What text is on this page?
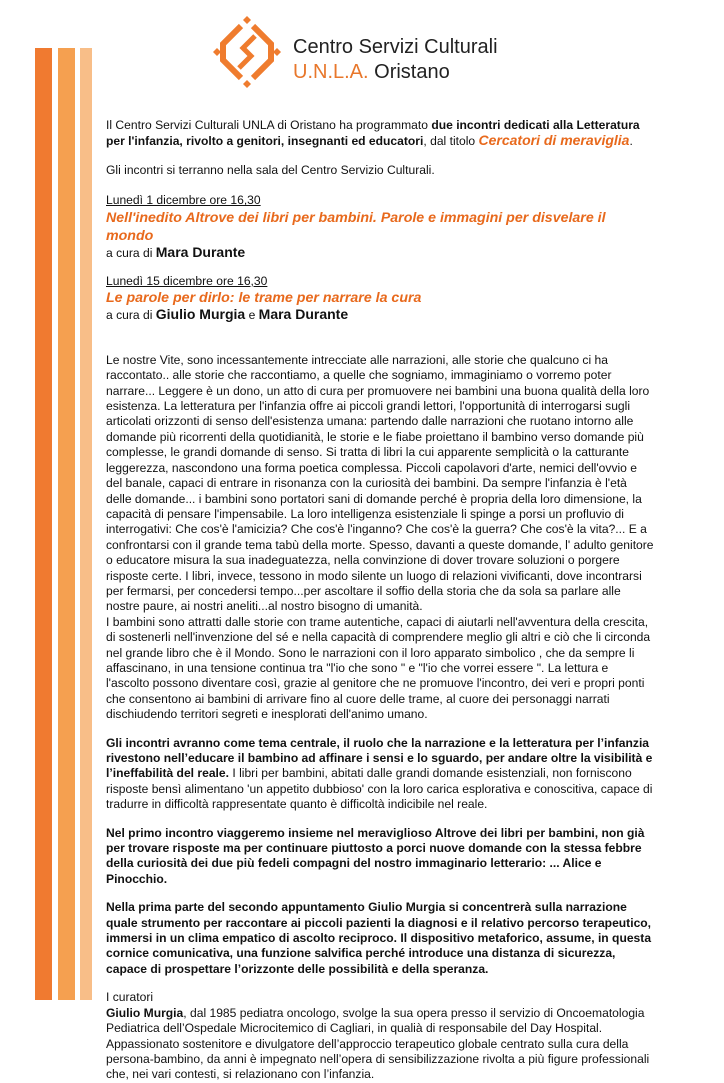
Centro Servizi Culturali
U.N.L.A. Oristano

Il Centro Servizi Culturali UNLA di Oristano ha programmato due incontri dedicati alla Letteratura per l'infanzia, rivolto a genitori, insegnanti ed educatori, dal titolo Cercatori di meraviglia.

Gli incontri si terranno nella sala del Centro Servizio Culturali.

Lunedì 1 dicembre ore 16,30

Nell'inedito Altrove dei libri per bambini. Parole e immagini per disvelare il mondo

a cura di Mara Durante

Lunedì 15 dicembre ore 16,30

Le parole per dirlo: le trame per narrare la cura

a cura di Giulio Murgia e Mara Durante

Le nostre Vite, sono incessantemente intrecciate alle narrazioni, alle storie che qualcuno ci ha raccontato.. alle storie che raccontiamo, a quelle che sogniamo, immaginiamo o vorremo poter narrare... Leggere è un dono, un atto di cura per promuovere nei bambini una buona qualità della loro esistenza. La letteratura per l'infanzia offre ai piccoli grandi lettori, l'opportunità di interrogarsi sugli articolati orizzonti di senso dell'esistenza umana: partendo dalle narrazioni che ruotano intorno alle domande più ricorrenti della quotidianità, le storie e le fiabe proiettano il bambino verso domande più complesse, le grandi domande di senso. Si tratta di libri la cui apparente semplicità o la catturante leggerezza, nascondono una forma poetica complessa. Piccoli capolavori d'arte, nemici dell'ovvio e del banale, capaci di entrare in risonanza con la curiosità dei bambini. Da sempre l'infanzia è l'età delle domande... i bambini sono portatori sani di domande perché è propria della loro dimensione, la capacità di pensare l'impensabile. La loro intelligenza esistenziale li spinge a porsi un profluvio di interrogativi: Che cos'è l'amicizia? Che cos'è l'inganno? Che cos'è la guerra? Che cos'è la vita?... E a confrontarsi con il grande tema tabù della morte. Spesso, davanti a queste domande, l' adulto genitore o educatore misura la sua inadeguatezza, nella convinzione di dover trovare soluzioni o porgere risposte certe. I libri, invece, tessono in modo silente un luogo di relazioni vivificanti, dove incontrarsi per fermarsi, per concedersi tempo...per ascoltare il soffio della storia che da sola sa parlare alle nostre paure, ai nostri aneliti...al nostro bisogno di umanità.

I bambini sono attratti dalle storie con trame autentiche, capaci di aiutarli nell'avventura della crescita, di sostenerli nell'invenzione del sé e nella capacità di comprendere meglio gli altri e ciò che li circonda nel grande libro che è il Mondo. Sono le narrazioni con il loro apparato simbolico , che da sempre li affascinano, in una tensione continua tra "l'io che sono " e "l'io che vorrei essere ". La lettura e l'ascolto possono diventare così, grazie al genitore che ne promuove l'incontro, dei veri e propri ponti che consentono ai bambini di arrivare fino al cuore delle trame, al cuore dei personaggi narrati dischiudendo territori segreti e inesplorati dell'animo umano.

Gli incontri avranno come tema centrale, il ruolo che la narrazione e la letteratura per l’infanzia rivestono nell’educare il bambino ad affinare i sensi e lo sguardo, per andare oltre la visibilità e l’ineffabilità del reale. I libri per bambini, abitati dalle grandi domande esistenziali, non forniscono risposte bensì alimentano 'un appetito dubbioso' con la loro carica esplorativa e conoscitiva, capace di tradurre in difficoltà rappresentate quanto è difficoltà indicibile nel reale.

Nel primo incontro viaggeremo insieme nel meraviglioso Altrove dei libri per bambini, non già per trovare risposte ma per continuare piuttosto a porci nuove domande con la stessa febbre della curiosità dei due più fedeli compagni del nostro immaginario letterario: ... Alice e Pinocchio.

Nella prima parte del secondo appuntamento Giulio Murgia si concentrerà sulla narrazione quale strumento per raccontare ai piccoli pazienti la diagnosi e il relativo percorso terapeutico, immersi in un clima empatico di ascolto reciproco. Il dispositivo metaforico, assume, in questa cornice comunicativa, una funzione salvifica perché introduce una distanza di sicurezza, capace di prospettare l’orizzonte delle possibilità e della speranza.

I curatori

Giulio Murgia, dal 1985 pediatra oncologo, svolge la sua opera presso il servizio di Oncoematologia Pediatrica dell’Ospedale Microcitemico di Cagliari, in qualià di responsabile del Day Hospital. Appassionato sostenitore e divulgatore dell’approccio terapeutico globale centrato sulla cura della persona-bambino, da anni è impegnato nell’opera di sensibilizzazione rivolta a più figure professionali che, nei vari contesti, si relazionano con l’infanzia.
